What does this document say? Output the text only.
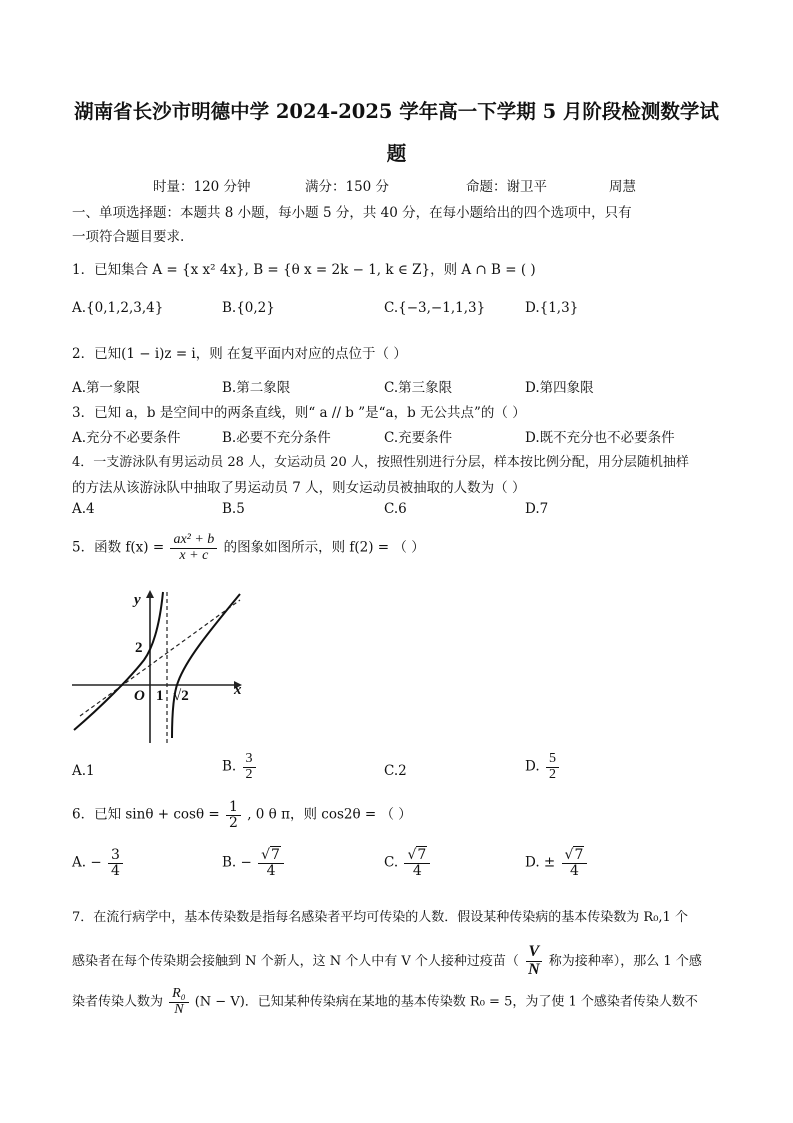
湖南省长沙市明德中学 2024-2025 学年高一下学期 5 月阶段检测数学试
题
时量：120 分钟	满分：150 分	命题：谢卫平	周慧
一、单项选择题：本题共 8 小题，每小题 5 分，共 40 分，在每小题给出的四个选项中，只有
一项符合题目要求.
1．已知集合 A = {x x² 4x}, B = {θ x = 2k − 1, k ∈ Z}，则 A ∩ B = ( )
A.{0,1,2,3,4}	B.{0,2}	C.{−3,−1,1,3}	D.{1,3}
2．已知(1 − i)z = i，则 在复平面内对应的点位于（ ）
A.第一象限	B.第二象限	C.第三象限	D.第四象限
3．已知 a，b 是空间中的两条直线，则“ a // b ”是“a，b 无公共点”的（ ）
A.充分不必要条件	B.必要不充分条件	C.充要条件	D.既不充分也不必要条件
4．一支游泳队有男运动员 28 人，女运动员 20 人，按照性别进行分层，样本按比例分配，用分层随机抽样
的方法从该游泳队中抽取了男运动员 7 人，则女运动员被抽取的人数为（ ）
A.4	B.5	C.6	D.7
5．函数 $f(x) = \frac{\text{ax² + b}}{x + c}$ 的图象如图所示，则 f(2) = （ ）
y
x
O
2
1 √2
A.1	B. $\frac{3}{2}$	C.2	D. $\frac{5}{2}$
6．已知 $\sin\theta + \cos\theta = \frac{1}{2}$ , 0 θ π，则 cos2θ = （ ）
A. − $\frac{3}{4}$	B. − $\frac{√7}{4}$	C. $\frac{√7}{4}$	D. ± $\frac{√7}{4}$
7．在流行病学中，基本传染数是指每名感染者平均可传染的人数．假设某种传染病的基本传染数为 R₀,1 个
感染者在每个传染期会接触到 N 个新人，这 N 个人中有 V 个人接种过疫苗（ $\frac{V}{N}$ 称为接种率），那么 1 个感
染者传染人数为 $\frac{\text{R₀}}{N} (N - V)$．已知某种传染病在某地的基本传染数 R₀ = 5，为了使 1 个感染者传染人数不
